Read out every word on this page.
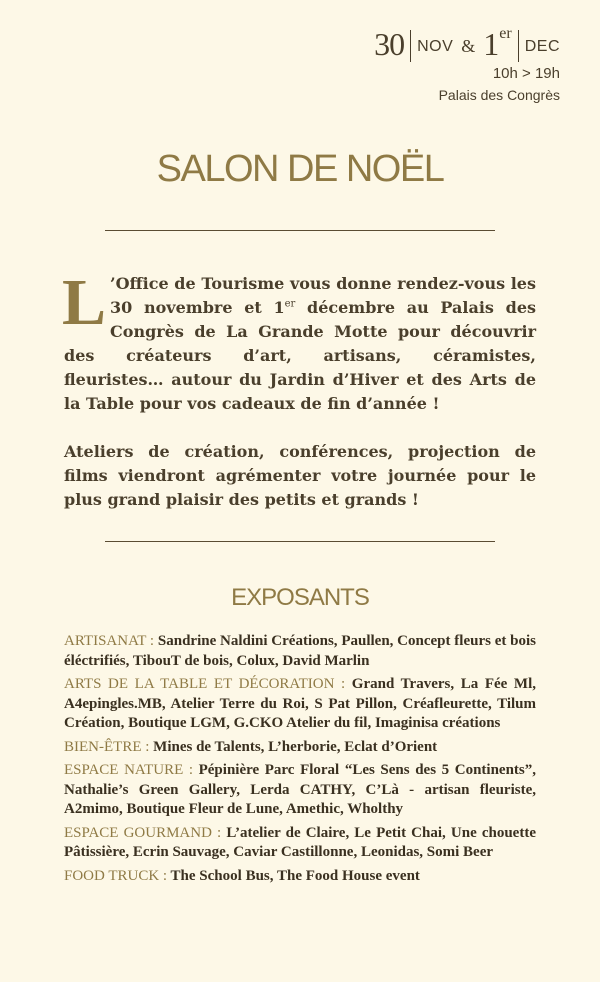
30 NOV & 1 er
DEC
10h > 19h
Palais des Congrès
SALON DE NOËL
L ’Office de Tourisme vous donne rendez-vous les 30 novembre et 1er décembre au Palais des Congrès de La Grande Motte pour découvrir des créateurs d’art, artisans, céramistes, fleuristes… autour du Jardin d’Hiver et des Arts de la Table pour vos cadeaux de fin d’année !
Ateliers de création, conférences, projection de films viendront agrémenter votre journée pour le plus grand plaisir des petits et grands !
EXPOSANTS

ARTISANAT : Sandrine Naldini Créations, Paullen, Concept fleurs et bois éléctrifiés, TibouT de bois, Colux, David Marlin

ARTS DE LA TABLE ET DÉCORATION : Grand Travers, La Fée Ml, A4epingles.MB, Atelier Terre du Roi, S Pat Pillon, Créafleurette, Tilum Création, Boutique LGM, G.CKO Atelier du fil, Imaginisa créations

BIEN-ÊTRE : Mines de Talents, L’herborie, Eclat d’Orient

ESPACE NATURE : Pépinière Parc Floral “Les Sens des 5 Continents”, Nathalie’s Green Gallery, Lerda CATHY, C’Là - artisan fleuriste, A2mimo, Boutique Fleur de Lune, Amethic, Wholthy

ESPACE GOURMAND : L’atelier de Claire, Le Petit Chai, Une chouette Pâtissière, Ecrin Sauvage, Caviar Castillonne, Leonidas, Somi Beer

FOOD TRUCK : The School Bus, The Food House event
